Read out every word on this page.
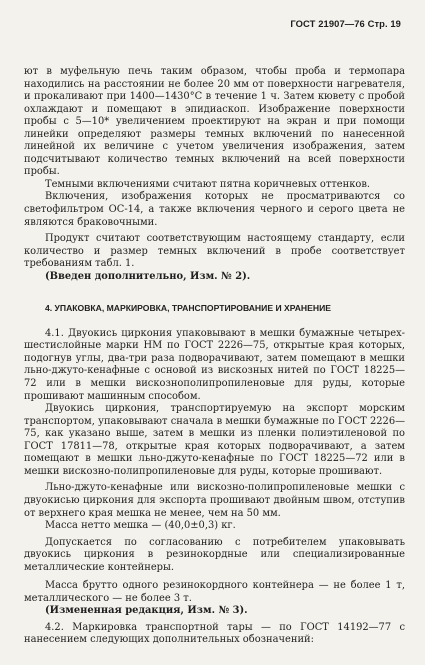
ГОСТ 21907—76 Стр. 19

ют в муфельную печь таким образом, чтобы проба и термопара находились на расстоянии не более 20 мм от поверхности нагревателя, и прокаливают при 1400—1430°С в течение 1 ч. Затем кювету с пробой охлаждают и помещают в эпидиаскоп. Изображение поверхности пробы с 5—10* увеличением проектируют на экран и при помощи линейки определяют размеры темных включений по нанесенной линейной их величине с учетом увеличения изображения, затем подсчитывают количество темных включений на всей поверхности пробы.

Темными включениями считают пятна коричневых оттенков.

Включения, изображения которых не просматриваются со светофильтром ОС-14, а также включения черного и серого цвета не являются браковочными.

Продукт считают соответствующим настоящему стандарту, если количество и размер темных включений в пробе соответствует требованиям табл. 1.

(Введен дополнительно, Изм. № 2).

4. УПАКОВКА, МАРКИРОВКА, ТРАНСПОРТИРОВАНИЕ И ХРАНЕНИЕ

4.1. Двуокись циркония упаковывают в мешки бумажные четырех-шестислойные марки НМ по ГОСТ 2226—75, открытые края которых, подогнув углы, два-три раза подворачивают, затем помещают в мешки льно-джуто-кенафные с основой из вискозных нитей по ГОСТ 18225—72 или в мешки вискознополипропиленовые для руды, которые прошивают машинным способом.

Двуокись циркония, транспортируемую на экспорт морским транспортом, упаковывают сначала в мешки бумажные по ГОСТ 2226—75, как указано выше, затем в мешки из пленки полиэтиленовой по ГОСТ 17811—78, открытые края которых подворачивают, а затем помещают в мешки льно-джуто-кенафные по ГОСТ 18225—72 или в мешки вискозно-полипропиленовые для руды, которые прошивают.

Льно-джуто-кенафные или вискозно-полипропиленовые мешки с двуокисью циркония для экспорта прошивают двойным швом, отступив от верхнего края мешка не менее, чем на 50 мм.

Масса нетто мешка — (40,0±0,3) кг.

Допускается по согласованию с потребителем упаковывать двуокись циркония в резинокордные или специализированные металлические контейнеры.

Масса брутто одного резинокордного контейнера — не более 1 т, металлического — не более 3 т.

(Измененная редакция, Изм. № 3).

4.2. Маркировка транспортной тары — по ГОСТ 14192—77 с нанесением следующих дополнительных обозначений:
